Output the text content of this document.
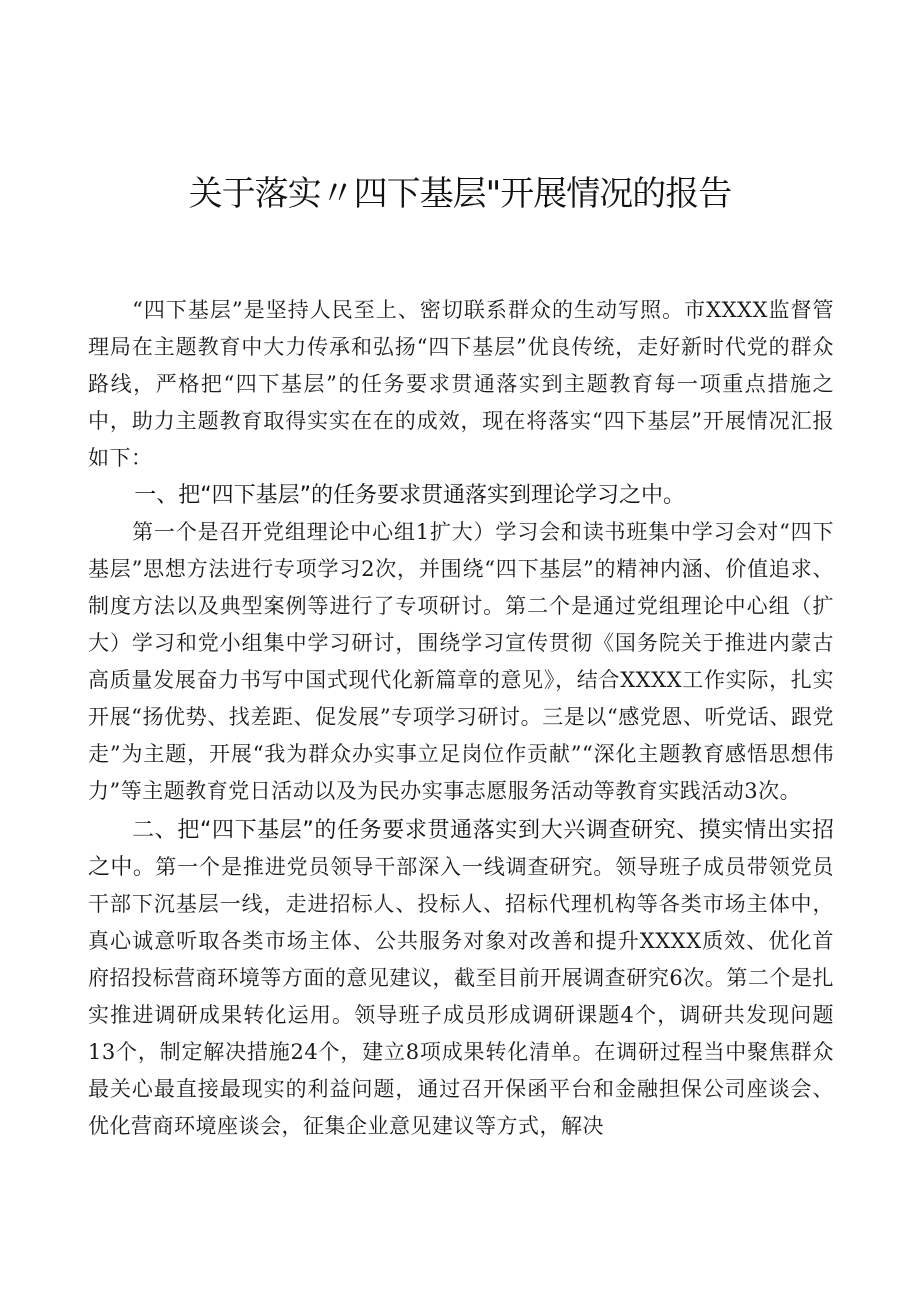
关于落实〃四下基层"开展情况的报告

“四下基层”是坚持人民至上、密切联系群众的生动写照。市XXXX监督管理局在主题教育中大力传承和弘扬“四下基层”优良传统，走好新时代党的群众路线，严格把“四下基层”的任务要求贯通落实到主题教育每一项重点措施之中，助力主题教育取得实实在在的成效，现在将落实“四下基层”开展情况汇报如下：

一、把“四下基层”的任务要求贯通落实到理论学习之中。

第一个是召开党组理论中心组1扩大）学习会和读书班集中学习会对“四下基层”思想方法进行专项学习2次，并围绕“四下基层”的精神内涵、价值追求、制度方法以及典型案例等进行了专项研讨。第二个是通过党组理论中心组（扩大）学习和党小组集中学习研讨，围绕学习宣传贯彻《国务院关于推进内蒙古高质量发展奋力书写中国式现代化新篇章的意见》，结合XXXX工作实际，扎实开展“扬优势、找差距、促发展”专项学习研讨。三是以“感党恩、听党话、跟党走”为主题，开展“我为群众办实事立足岗位作贡献”“深化主题教育感悟思想伟力”等主题教育党日活动以及为民办实事志愿服务活动等教育实践活动3次。

二、把“四下基层”的任务要求贯通落实到大兴调查研究、摸实情出实招之中。第一个是推进党员领导干部深入一线调查研究。领导班子成员带领党员干部下沉基层一线，走进招标人、投标人、招标代理机构等各类市场主体中，真心诚意听取各类市场主体、公共服务对象对改善和提升XXXX质效、优化首府招投标营商环境等方面的意见建议，截至目前开展调查研究6次。第二个是扎实推进调研成果转化运用。领导班子成员形成调研课题4个，调研共发现问题13个，制定解决措施24个，建立8项成果转化清单。在调研过程当中聚焦群众最关心最直接最现实的利益问题，通过召开保函平台和金融担保公司座谈会、优化营商环境座谈会，征集企业意见建议等方式，解决
